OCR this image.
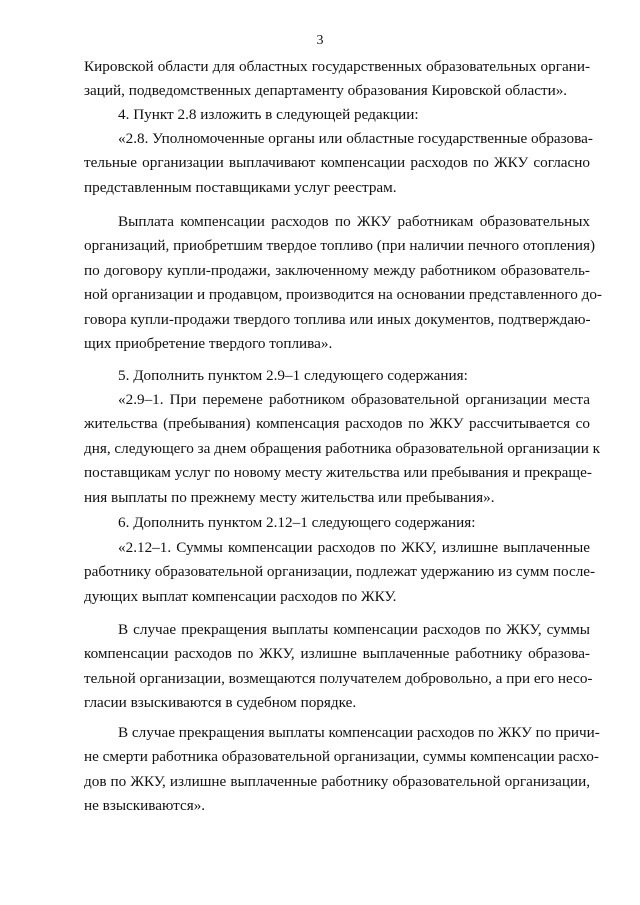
3
Кировской области для областных государственных образовательных органи-
заций, подведомственных департаменту образования Кировской области».
4. Пункт 2.8 изложить в следующей редакции:
«2.8. Уполномоченные органы или областные государственные образова-
тельные организации выплачивают компенсации расходов по ЖКУ согласно
представленным поставщиками услуг реестрам.
Выплата компенсации расходов по ЖКУ работникам образовательных
организаций, приобретшим твердое топливо (при наличии печного отопления)
по договору купли-продажи, заключенному между работником образователь-
ной организации и продавцом, производится на основании представленного до-
говора купли-продажи твердого топлива или иных документов, подтверждаю-
щих приобретение твердого топлива».
5. Дополнить пунктом 2.9–1 следующего содержания:
«2.9–1. При перемене работником образовательной организации места
жительства (пребывания) компенсация расходов по ЖКУ рассчитывается со
дня, следующего за днем обращения работника образовательной организации к
поставщикам услуг по новому месту жительства или пребывания и прекраще-
ния выплаты по прежнему месту жительства или пребывания».
6. Дополнить пунктом 2.12–1 следующего содержания:
«2.12–1. Суммы компенсации расходов по ЖКУ, излишне выплаченные
работнику образовательной организации, подлежат удержанию из сумм после-
дующих выплат компенсации расходов по ЖКУ.
В случае прекращения выплаты компенсации расходов по ЖКУ, суммы
компенсации расходов по ЖКУ, излишне выплаченные работнику образова-
тельной организации, возмещаются получателем добровольно, а при его несо-
гласии взыскиваются в судебном порядке.
В случае прекращения выплаты компенсации расходов по ЖКУ по причи-
не смерти работника образовательной организации, суммы компенсации расхо-
дов по ЖКУ, излишне выплаченные работнику образовательной организации,
не взыскиваются».
